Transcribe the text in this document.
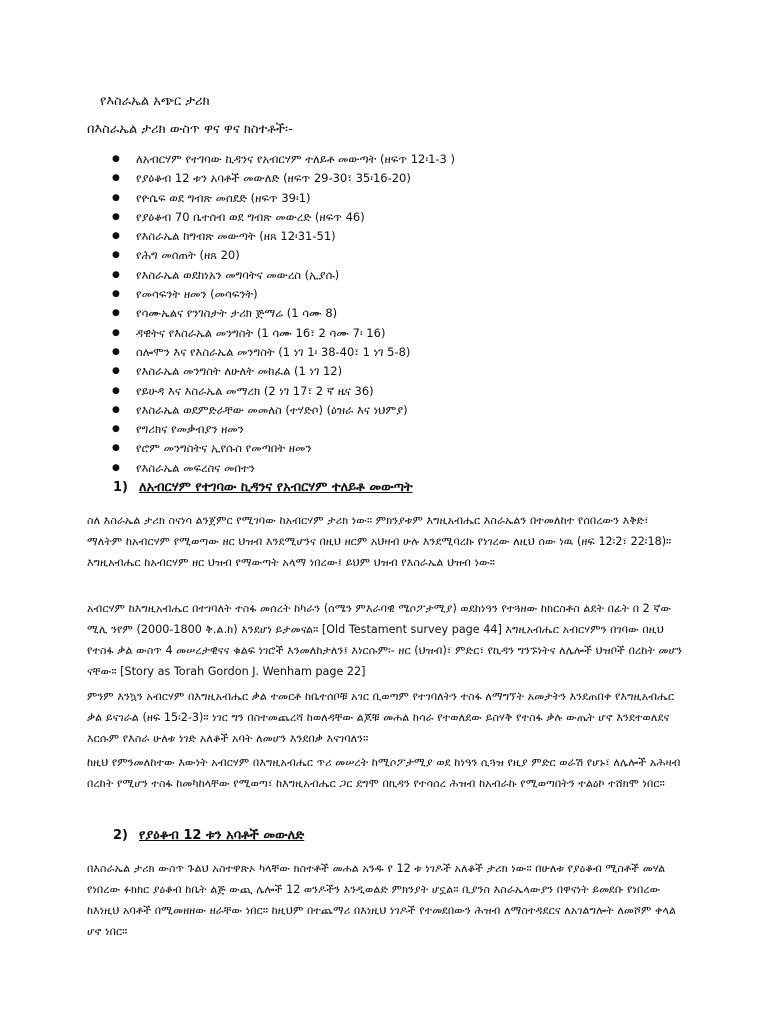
የእስራኤል አጭር ታሪክ
በእስራኤል ታሪክ ውስጥ ዋና ዋና ክስተቶች፡-
● ለአብርሃም የተገባው ኪዳንና የአብርሃም ተለይቶ መውጣት (ዘፍጥ 12፡1-3 )
● የያዕቆብ 12 ቱን አባቶች መውለድ (ዘፍጥ 29-30፣ 35፡16-20)
● የዮሴፍ ወደ ግብጽ መሰደድ (ዘፍጥ 39፡1)
● የያዕቆብ 70 ቤተሰብ ወደ ግብጽ መውረድ (ዘፍጥ 46)
● የእስራኤል ከግብጽ መውጣት (ዘጸ 12፡31-51)
● የሕግ መሰጠት (ዘጸ 20)
● የእስራኤል ወደከነአን መግባትና መውረስ (ኢያሱ)
● የመሳፍንት ዘመን (መሳፍንት)
● የሳሙኤልና የንገስታት ታሪክ ጅማሬ (1 ሳሙ 8)
● ዳዊትና የእስራኤል መንግስት (1 ሳሙ 16፣ 2 ሳሙ 7፡ 16)
● ሰሎሞን እና የእስራኤል መንግስት (1 ነገ 1፡ 38-40፣ 1 ነገ 5-8)
● የእስራኤል መንግስት ለሁለት መከፈል (1 ነገ 12)
● የይሁዳ እና እስራኤል መማረክ (2 ነገ 17፣ 2 ኛ ዜና 36)
● የእስራኤል ወደምድራቸው መመለስ (ተሃድሶ) (ዕዝራ እና ነህምያ)
● የግሪክና የመቃብያን ዘመን
● የሮም መንግስትና ኢየሱስ የመጣበት ዘመን
● የእስራኤል መፍረስና መበተን
1) ለአብርሃም የተገባው ኪዳንና የአብርሃም ተለይቶ መውጣት

ስለ እስራኤል ታሪክ ስናነሳ ልንጀምር የሚገባው ከአብርሃም ታሪክ ነው። ምክንያቱም እግዚአብሔር እስራኤልን በተመለከተ የሰበረውን እቅድ፣ ማለትም ከአብርሃም የሚወጣው ዘር ህዝብ እንደሚሆንና በዚህ ዘርም አህዛብ ሁሉ እንደሚባረኩ የነገረው ለዚህ ሰው ነዉ (ዘፍ 12፡2፣ 22፡18)። እግዚአብሔር ከአብርሃም ዘር ህዝብ የማውጣት አላማ ነበረው፤ ይህም ህዝብ የእስራኤል ህዝብ ነው።

አብርሃም ከእግዚአብሔር በተገባለት ተስፋ መሰረት ከካራን (ሰሜን ምእራባዊ ሜሶፖታሚያ) ወደከነዓን የተጓዘው ከክርስቶስ ልደት በፊት በ 2 ኛው ሚሊ ንየም (2000-1800 ቅ.ል.ከ) እንደሆነ ይታመናል። [Old Testament survey page 44] እግዚአብሔር አብርሃምን በገባው በዚህ የተስፋ ቃል ውስጥ 4 መሠረታዊናና ቁልፍ ነገሮች እንመለከታለን፤ እነርሱም፡- ዘር (ህዝብ)፣ ምድር፣ የኪዳን ግንኙነትና ለሌሎች ህዝቦች በረከት መሆን ናቸው። [Story as Torah Gordon J. Wenham page 22]

ምንም እንኳን አብርሃም በእግዚአብሔር ቃል ተመርቶ ከቤተሰቦቹ አገር ቢወጣም የተገባለትን ተስፋ ለማግኘት አመታትን እንደጠበቀ የእግዚአብሔር ቃል ይናገራል (ዘፍ 15፡2-3)። ነገር ግን በስተመጨረሻ ከወለዳቸው ልጆቹ መሐል ከሳራ የተወለደው ይስሃቅ የተስፋ ቃሉ ውጤት ሆኖ እንደተወለደና እርሱም የእስራ ሁለቱ ነገድ አለቆች አባት ለመሆን እንደበቃ እናገባለን።

ከዚህ የምንመለከተው እውነት አብርሃም በእግዚአብሔር ጥሪ መሠረት ከሚሶፖታሚያ ወደ ከነዓን ሲጓዝ የዚያ ምድር ወራሽ የሆኑ፣ ለሌሎች አሕዛብ በረከት የሚሆን ተስፋ ከመካከላቸው የሚወጣ፣ ከእግዚአብሔር ጋር ደግሞ በኪዳን የተሳሰረ ሕዝብ ከአብራኩ የሚወጣበትን ተልዕኮ ተሸክሞ ነበር።

2) የያዕቆብ 12 ቱን አባቶች መውለድ

በእስራኤል ታሪክ ውስጥ ጉልህ አስተዋጽኦ ካላቸው ክስተቶች መሐል አንዱ የ 12 ቱ ነገዶች አለቆች ታሪክ ነው። በሁለቱ የያዕቆብ ሚስቶች መሃል የነበረው ፉክክር ያዕቆብ ከቤት ልጅ ውጪ ሌሎች 12 ወንዶችን እንዲወልድ ምክንያት ሆኗል። ቢያንስ እስራኤላውያን በዋናነት ይመደቡ የነበረው ከእነዚህ አባቶች በሚመዘዘው ዘራቸው ነበር። ከዚህም በተጨማሪ በእነዚህ ነገዶች የተመደበውን ሕዝብ ለማስተዳደርና ለአገልግሎት ለመሾም ቀላል ሆኖ ነበር።
